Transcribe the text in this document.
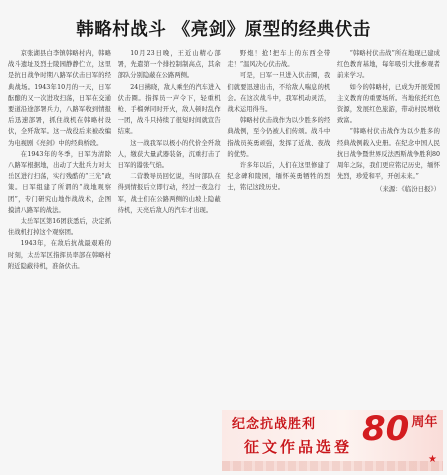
韩略村战斗 《亮剑》原型的经典伏击

京张湖县白李镇韩略村内，韩略战斗遗址及烈士陵园静静伫立，这里是抗日战争时期八路军伏击日军的经典战场。1943年10月的一天，日军酝酿的又一次进攻扫荡，日军在交通要道沿途部署兵力，八路军收到情报后迅速部署，抓住战机在韩略村设伏，全歼敌军。这一战役后来被改编为电视剧《亮剑》中的经典桥段。

在1943年的冬季，日军为清除八路军根据地，出动了大批兵力对太岳区进行扫荡，实行残酷的“三光”政策。日军组建了所谓的“战地观察团”，专门研究山地作战战术，企图摸清八路军的战法。

太岳军区第16团获悉后，决定抓住战机打掉这个观察团。

1943年，在敌后抗战最艰难的时刻，太岳军区指挥员率部在韩略村附近隐蔽待机，准备伏击。

10月23日晚，王近山精心部署，先遣第一个排控制制高点，其余部队分别隐蔽在公路两侧。

24日拂晓，敌人乘坐的汽车进入伏击圈。指挥员一声令下，轻重机枪、手榴弹同时开火，敌人顿时乱作一团，战斗只持续了很短时间就宣告结束。

这一战我军以极小的代价全歼敌人，缴获大量武器装备，沉重打击了日军的嚣张气焰。

二营教导员回忆说，当时部队在得到情报后立即行动，经过一夜急行军，战士们在公路两侧的山坡上隐蔽待机，天亮后敌人的汽车才出现。

野炮！抢!把车上的东西全带走！”温风决心伏击战。

可是，日军一旦进入伏击圈，我们就要迅速出击，不给敌人喘息的机会。在这次战斗中，我军机动灵活，战术运用得当。

韩略村伏击战作为以少胜多的经典战例，至今仍被人们传颂。战斗中指战员英勇顽强，发挥了近战、夜战的优势。

许多年以后，人们在这里修建了纪念碑和陵园，缅怀英勇牺牲的烈士，铭记这段历史。

“韩略村伏击战”所在地现已建成红色教育基地，每年吸引大批参观者前来学习。

如今的韩略村，已成为开展爱国主义教育的重要场所。当地依托红色资源，发展红色旅游，带动村民增收致富。

“韩略村伏击战作为以少胜多的经典战例载入史册。在纪念中国人民抗日战争暨世界反法西斯战争胜利80周年之际，我们更应铭记历史，缅怀先烈，珍爱和平，开创未来。”

（来源：《临汾日报》）
纪念抗战胜利 80 周年
征文作品选登
★
